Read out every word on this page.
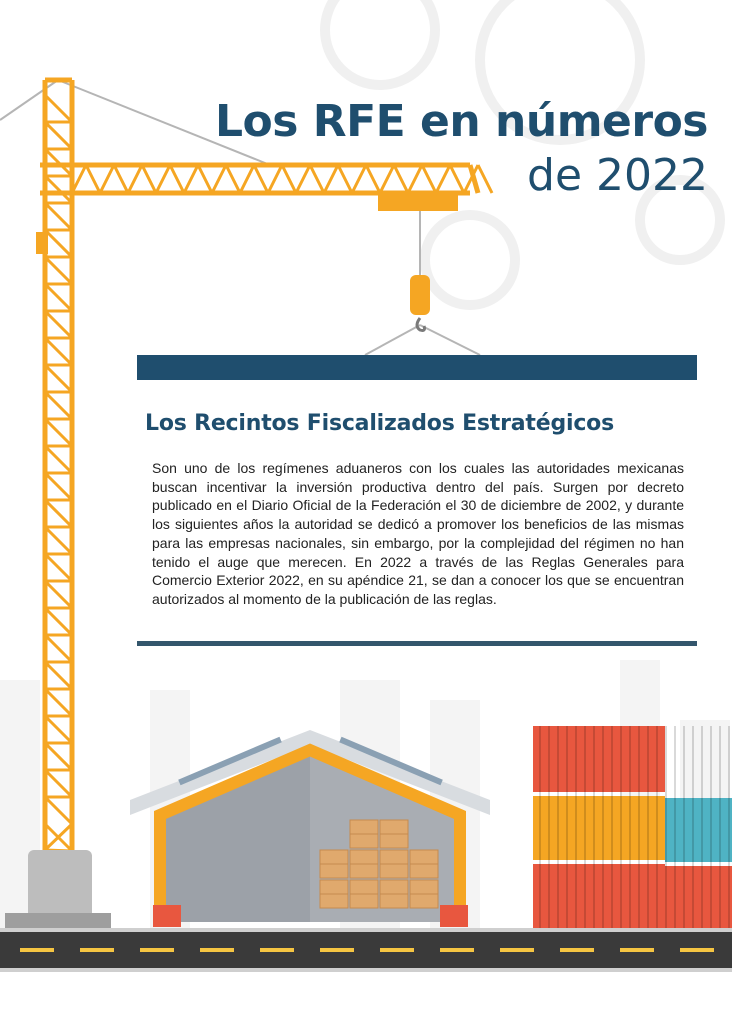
Los RFE en números
de 2022
Los Recintos Fiscalizados Estratégicos

Son uno de los regímenes aduaneros con los cuales las autoridades mexicanas buscan incentivar la inversión productiva dentro del país. Surgen por decreto publicado en el Diario Oficial de la Federación el 30 de diciembre de 2002, y durante los siguientes años la autoridad se dedicó a promover los beneficios de las mismas para las empresas nacionales, sin embargo, por la complejidad del régimen no han tenido el auge que merecen. En 2022 a través de las Reglas Generales para Comercio Exterior 2022, en su apéndice 21, se dan a conocer los que se encuentran autorizados al momento de la publicación de las reglas.
